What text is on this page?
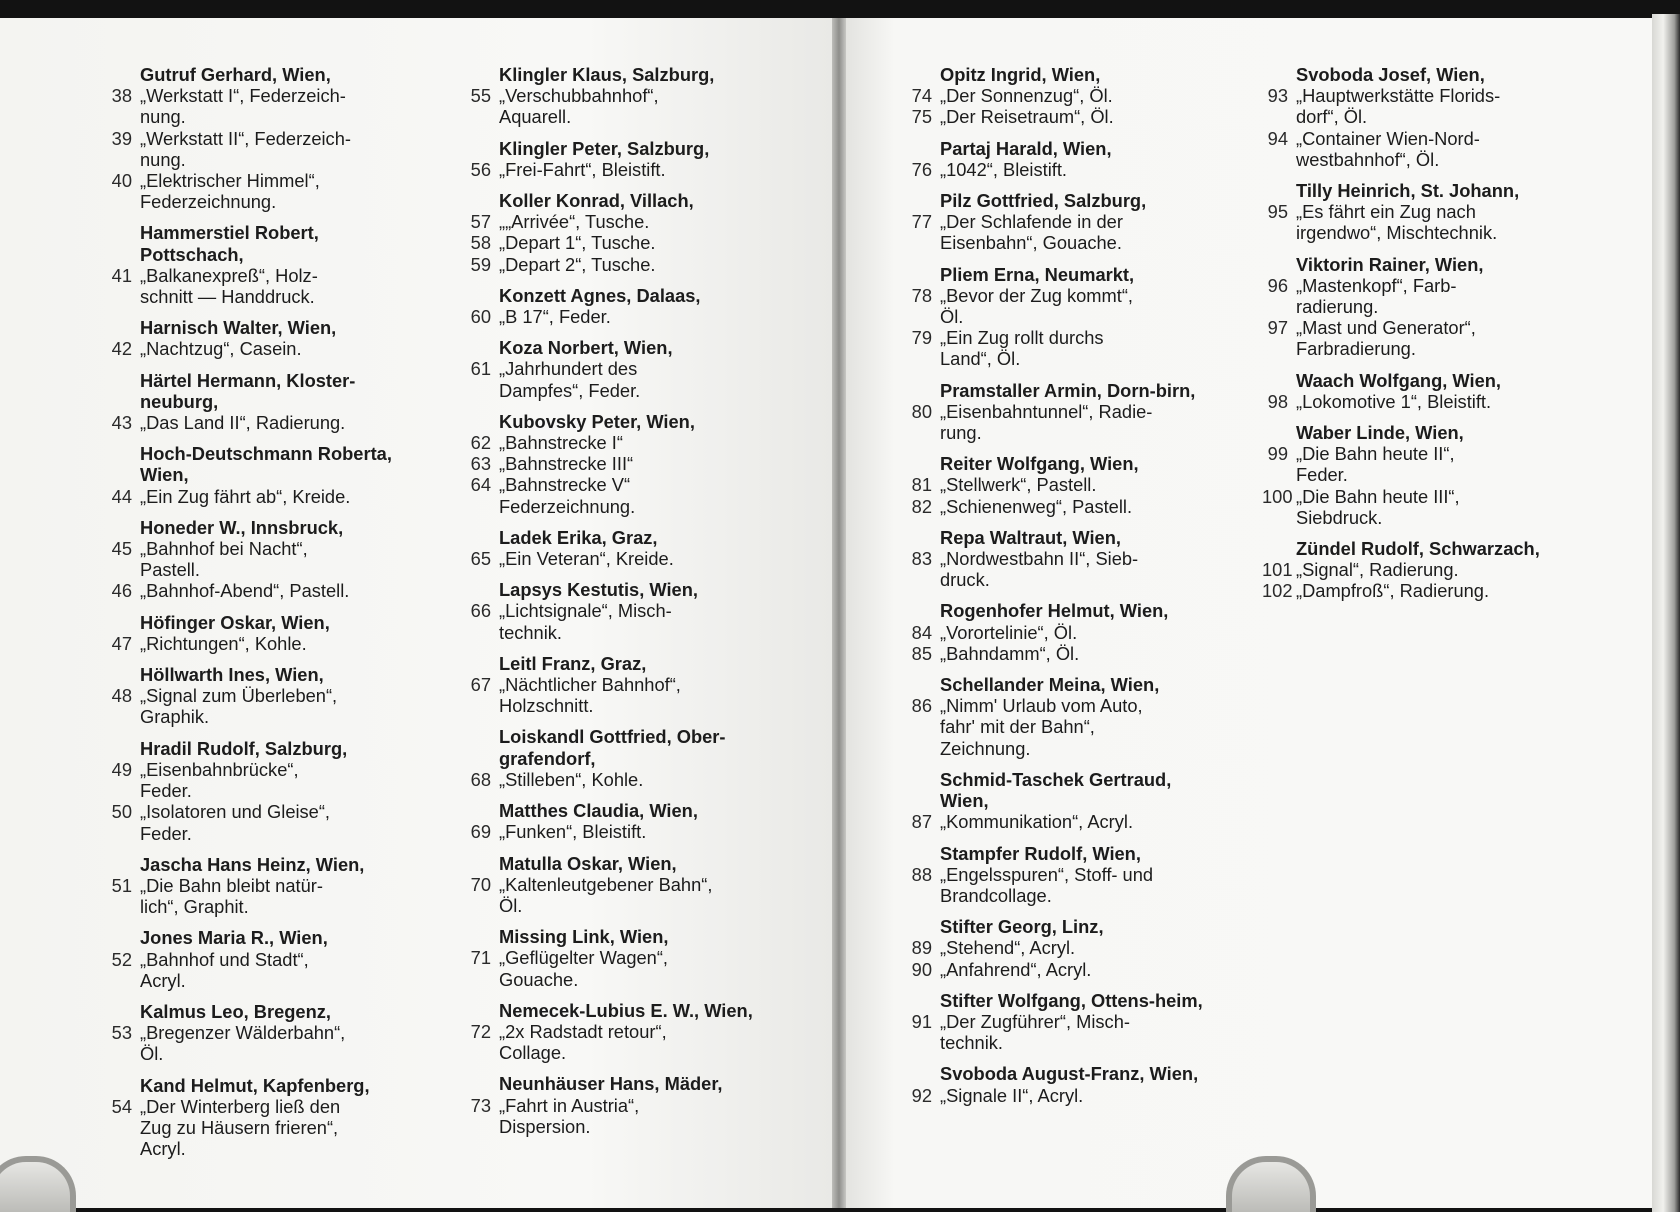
Gutruf Gerhard, Wien,
38 „Werkstatt I“, Federzeich-
nung.
39 „Werkstatt II“, Federzeich-
nung.
40 „Elektrischer Himmel“,
Federzeichnung.
Hammerstiel Robert, Pottschach,
41 „Balkanexpreß“, Holz-
schnitt — Handdruck.
Harnisch Walter, Wien,
42 „Nachtzug“, Casein.
Härtel Hermann, Kloster-neuburg,
43 „Das Land II“, Radierung.
Hoch-Deutschmann Roberta, Wien,
44 „Ein Zug fährt ab“, Kreide.
Honeder W., Innsbruck,
45 „Bahnhof bei Nacht“,
Pastell.
46 „Bahnhof-Abend“, Pastell.
Höfinger Oskar, Wien,
47 „Richtungen“, Kohle.
Höllwarth Ines, Wien,
48 „Signal zum Überleben“,
Graphik.
Hradil Rudolf, Salzburg,
49 „Eisenbahnbrücke“,
Feder.
50 „Isolatoren und Gleise“,
Feder.
Jascha Hans Heinz, Wien,
51 „Die Bahn bleibt natür-
lich“, Graphit.
Jones Maria R., Wien,
52 „Bahnhof und Stadt“,
Acryl.
Kalmus Leo, Bregenz,
53 „Bregenzer Wälderbahn“,
Öl.
Kand Helmut, Kapfenberg,
54 „Der Winterberg ließ den
Zug zu Häusern frieren“,
Acryl.
Klingler Klaus, Salzburg,
55 „Verschubbahnhof“,
Aquarell.
Klingler Peter, Salzburg,
56 „Frei-Fahrt“, Bleistift.
Koller Konrad, Villach,
57 „„Arrivée“, Tusche.
58 „Depart 1“, Tusche.
59 „Depart 2“, Tusche.
Konzett Agnes, Dalaas,
60 „B 17“, Feder.
Koza Norbert, Wien,
61 „Jahrhundert des
Dampfes“, Feder.
Kubovsky Peter, Wien,
62 „Bahnstrecke I“
63 „Bahnstrecke III“
64 „Bahnstrecke V“
Federzeichnung.
Ladek Erika, Graz,
65 „Ein Veteran“, Kreide.
Lapsys Kestutis, Wien,
66 „Lichtsignale“, Misch-
technik.
Leitl Franz, Graz,
67 „Nächtlicher Bahnhof“,
Holzschnitt.
Loiskandl Gottfried, Ober-grafendorf,
68 „Stilleben“, Kohle.
Matthes Claudia, Wien,
69 „Funken“, Bleistift.
Matulla Oskar, Wien,
70 „Kaltenleutgebener Bahn“,
Öl.
Missing Link, Wien,
71 „Geflügelter Wagen“,
Gouache.
Nemecek-Lubius E. W., Wien,
72 „2x Radstadt retour“,
Collage.
Neunhäuser Hans, Mäder,
73 „Fahrt in Austria“,
Dispersion.
Opitz Ingrid, Wien,
74 „Der Sonnenzug“, Öl.
75 „Der Reisetraum“, Öl.
Partaj Harald, Wien,
76 „1042“, Bleistift.
Pilz Gottfried, Salzburg,
77 „Der Schlafende in der
Eisenbahn“, Gouache.
Pliem Erna, Neumarkt,
78 „Bevor der Zug kommt“,
Öl.
79 „Ein Zug rollt durchs
Land“, Öl.
Pramstaller Armin, Dorn-birn,
80 „Eisenbahntunnel“, Radie-
rung.
Reiter Wolfgang, Wien,
81 „Stellwerk“, Pastell.
82 „Schienenweg“, Pastell.
Repa Waltraut, Wien,
83 „Nordwestbahn II“, Sieb-
druck.
Rogenhofer Helmut, Wien,
84 „Vorortelinie“, Öl.
85 „Bahndamm“, Öl.
Schellander Meina, Wien,
86 „Nimm' Urlaub vom Auto,
fahr' mit der Bahn“,
Zeichnung.
Schmid-Taschek Gertraud, Wien,
87 „Kommunikation“, Acryl.
Stampfer Rudolf, Wien,
88 „Engelsspuren“, Stoff- und
Brandcollage.
Stifter Georg, Linz,
89 „Stehend“, Acryl.
90 „Anfahrend“, Acryl.
Stifter Wolfgang, Ottens-heim,
91 „Der Zugführer“, Misch-
technik.
Svoboda August-Franz, Wien,
92 „Signale II“, Acryl.
Svoboda Josef, Wien,
93 „Hauptwerkstätte Florids-
dorf“, Öl.
94 „Container Wien-Nord-
westbahnhof“, Öl.
Tilly Heinrich, St. Johann,
95 „Es fährt ein Zug nach
irgendwo“, Mischtechnik.
Viktorin Rainer, Wien,
96 „Mastenkopf“, Farb-
radierung.
97 „Mast und Generator“,
Farbradierung.
Waach Wolfgang, Wien,
98 „Lokomotive 1“, Bleistift.
Waber Linde, Wien,
99 „Die Bahn heute II“,
Feder.
100 „Die Bahn heute III“,
Siebdruck.
Zündel Rudolf, Schwarzach,
101 „Signal“, Radierung.
102 „Dampfroß“, Radierung.
